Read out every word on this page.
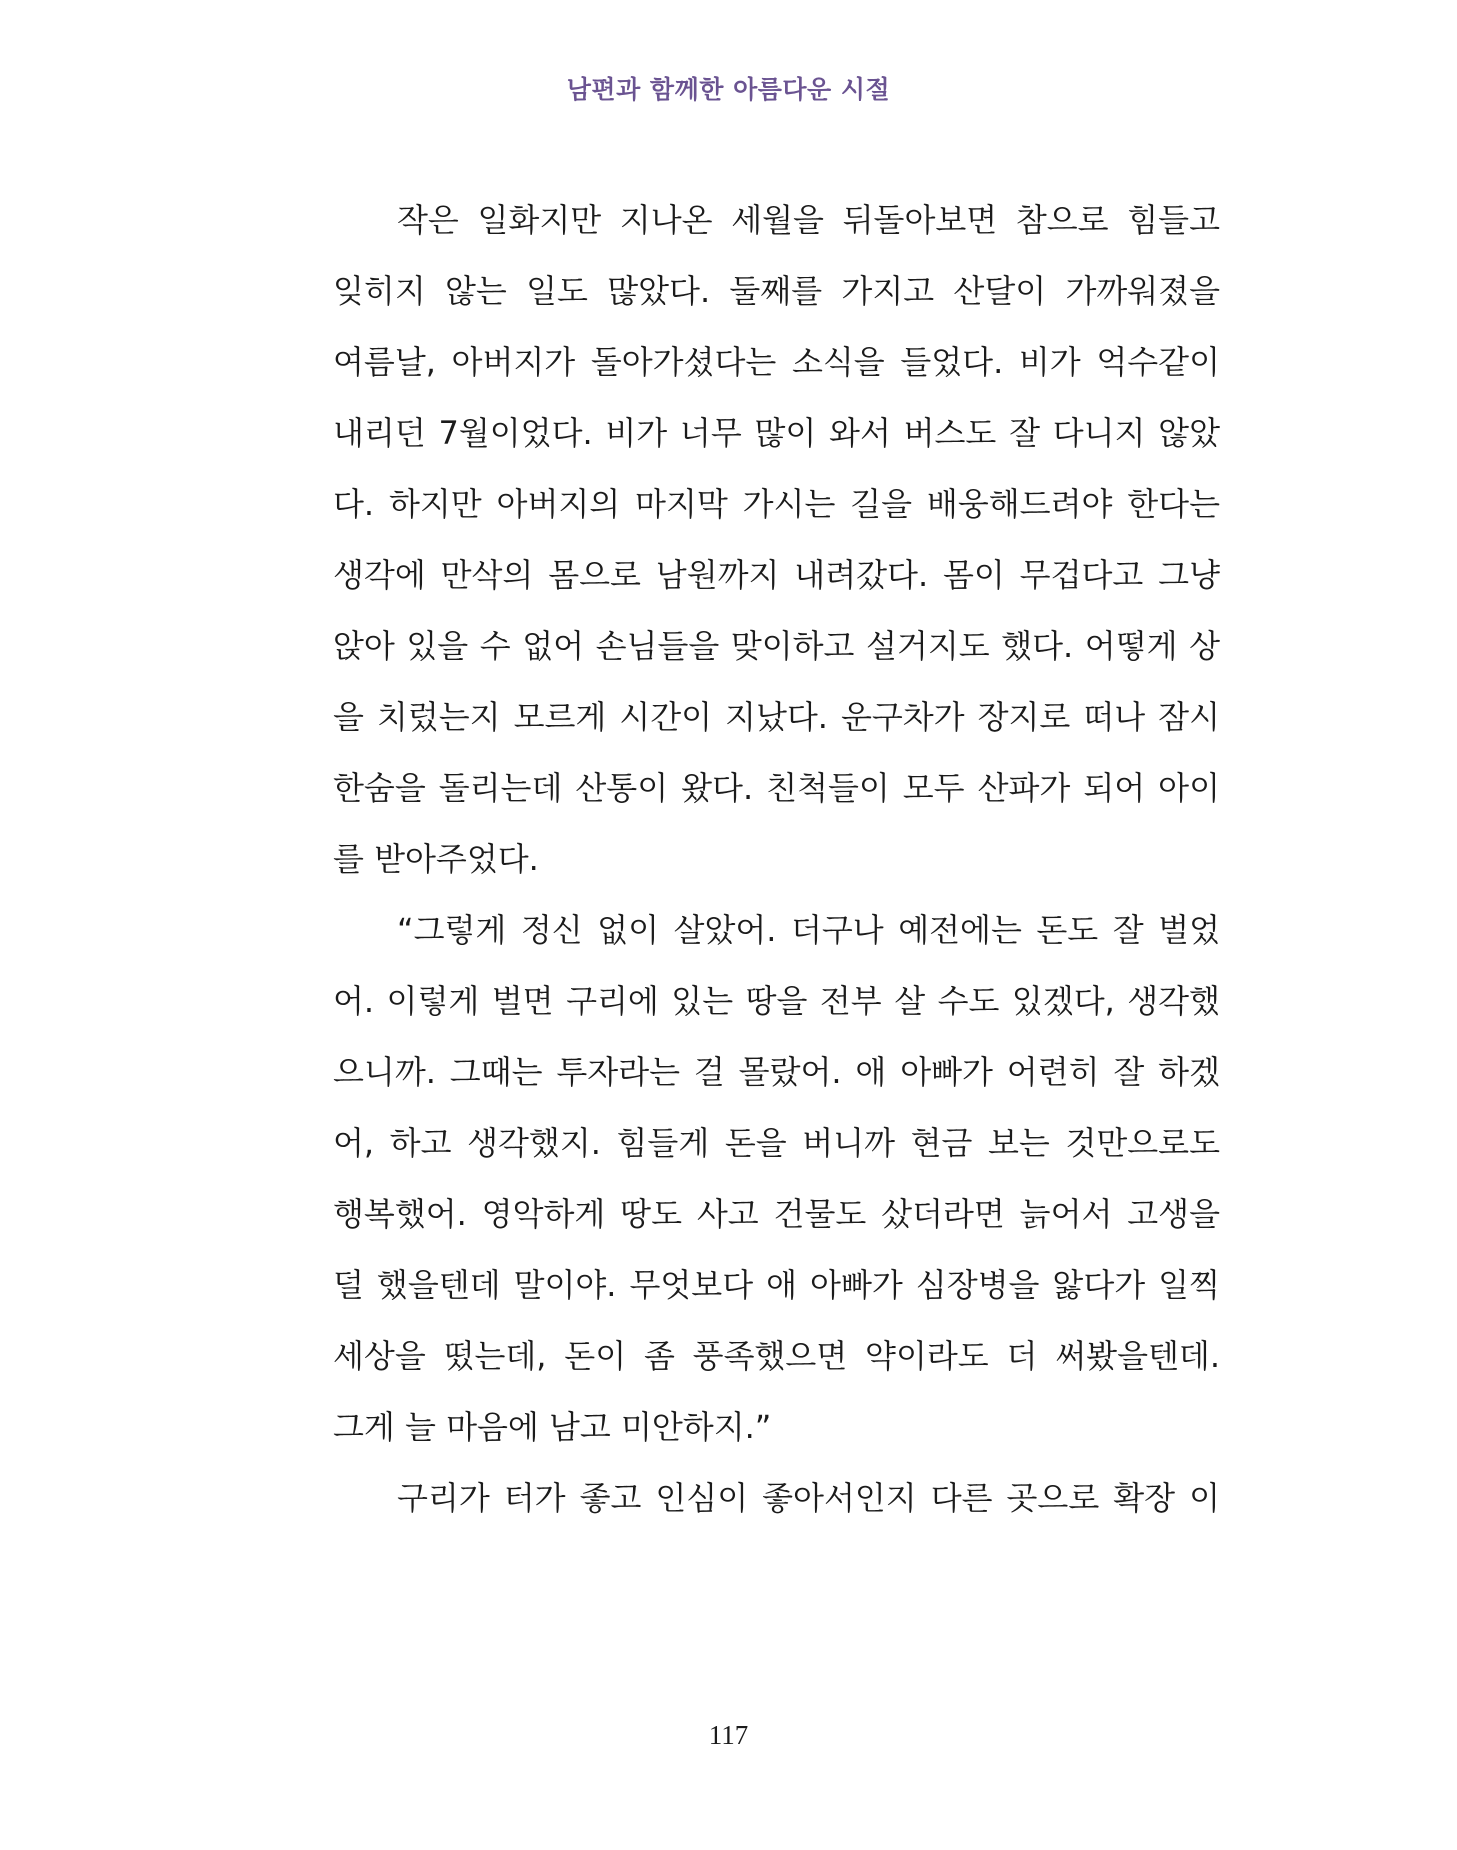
남편과 함께한 아름다운 시절
작은 일화지만 지나온 세월을 뒤돌아보면 참으로 힘들고
잊히지 않는 일도 많았다. 둘째를 가지고 산달이 가까워졌을
여름날, 아버지가 돌아가셨다는 소식을 들었다. 비가 억수같이
내리던 7월이었다. 비가 너무 많이 와서 버스도 잘 다니지 않았
다. 하지만 아버지의 마지막 가시는 길을 배웅해드려야 한다는
생각에 만삭의 몸으로 남원까지 내려갔다. 몸이 무겁다고 그냥
앉아 있을 수 없어 손님들을 맞이하고 설거지도 했다. 어떻게 상
을 치렀는지 모르게 시간이 지났다. 운구차가 장지로 떠나 잠시
한숨을 돌리는데 산통이 왔다. 친척들이 모두 산파가 되어 아이
를 받아주었다.
“그렇게 정신 없이 살았어. 더구나 예전에는 돈도 잘 벌었
어. 이렇게 벌면 구리에 있는 땅을 전부 살 수도 있겠다, 생각했
으니까. 그때는 투자라는 걸 몰랐어. 애 아빠가 어련히 잘 하겠
어, 하고 생각했지. 힘들게 돈을 버니까 현금 보는 것만으로도
행복했어. 영악하게 땅도 사고 건물도 샀더라면 늙어서 고생을
덜 했을텐데 말이야. 무엇보다 애 아빠가 심장병을 앓다가 일찍
세상을 떴는데, 돈이 좀 풍족했으면 약이라도 더 써봤을텐데.
그게 늘 마음에 남고 미안하지.”
구리가 터가 좋고 인심이 좋아서인지 다른 곳으로 확장 이
117
